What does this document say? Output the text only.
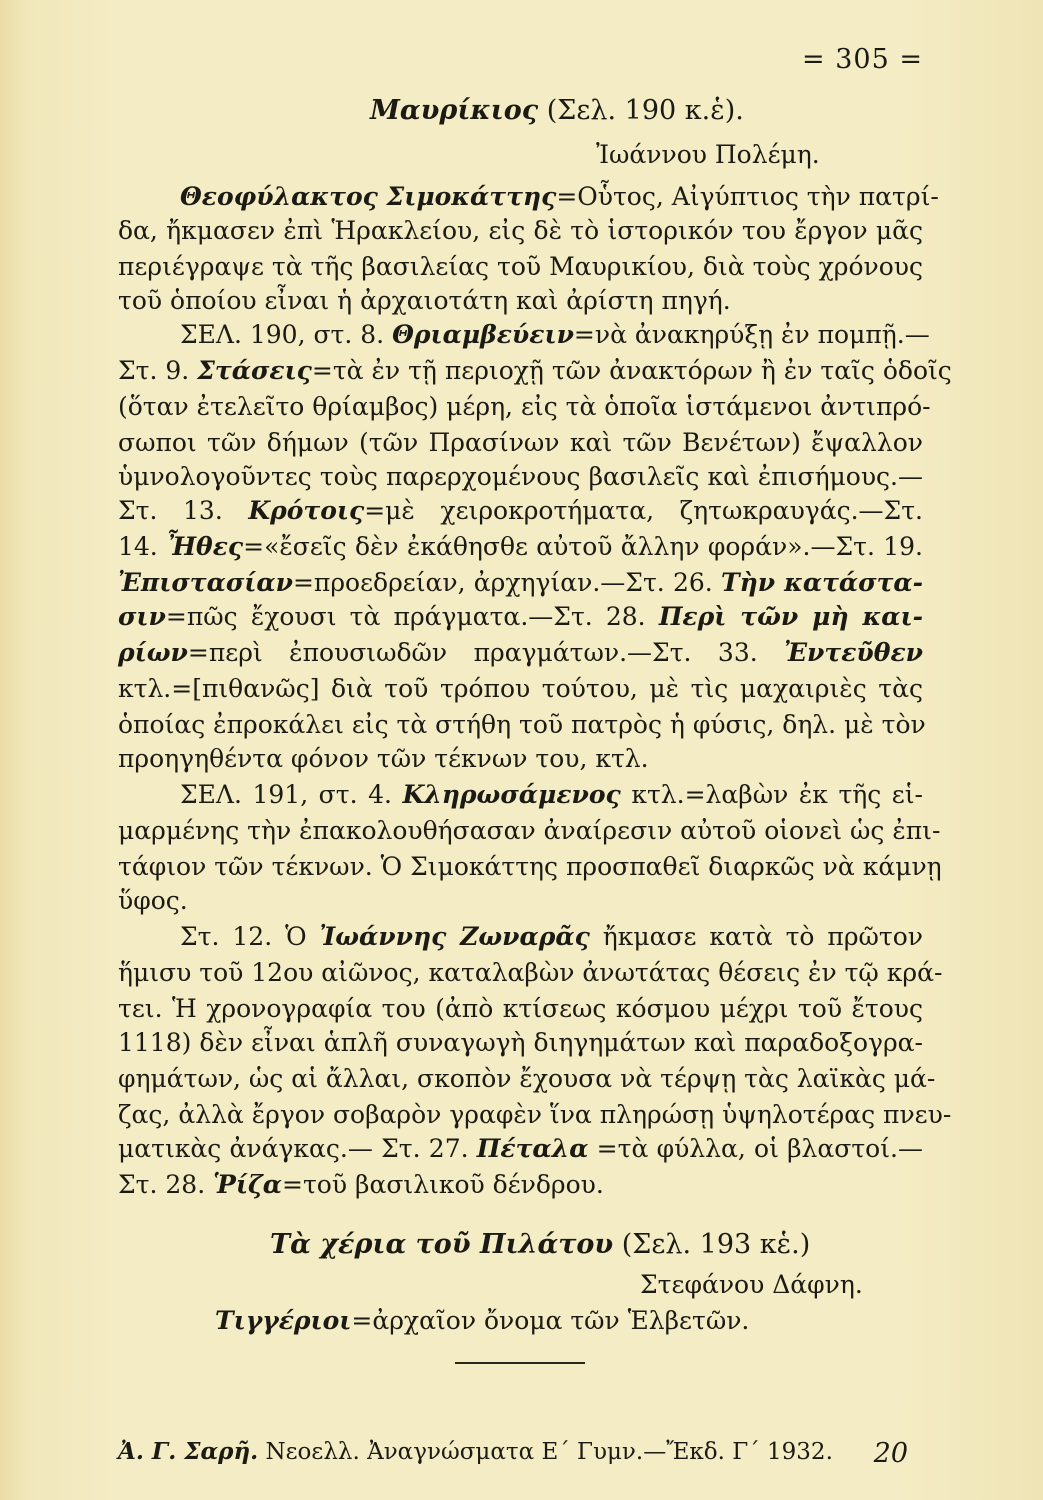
= 305 =
Μαυρίκιος (Σελ. 190 κ.ἑ).
Ἰωάννου Πολέμη.
Θεοφύλακτος Σιμοκάττης=Οὗτος, Αἰγύπτιος τὴν πατρί-
δα, ἤκμασεν ἐπὶ Ἡρακλείου, εἰς δὲ τὸ ἱστορικόν του ἔργον μᾶς
περιέγραψε τὰ τῆς βασιλείας τοῦ Μαυρικίου, διὰ τοὺς χρόνους
τοῦ ὁποίου εἶναι ἡ ἀρχαιοτάτη καὶ ἀρίστη πηγή.
ΣΕΛ. 190, στ. 8. Θριαμβεύειν=νὰ ἀνακηρύξῃ ἐν πομπῇ.—
Στ. 9. Στάσεις=τὰ ἐν τῇ περιοχῇ τῶν ἀνακτόρων ἢ ἐν ταῖς ὁδοῖς
(ὅταν ἐτελεῖτο θρίαμβος) μέρη, εἰς τὰ ὁποῖα ἱστάμενοι ἀντιπρό-
σωποι τῶν δήμων (τῶν Πρασίνων καὶ τῶν Βενέτων) ἔψαλλον
ὑμνολογοῦντες τοὺς παρερχομένους βασιλεῖς καὶ ἐπισήμους.—
Στ. 13. Κρότοις=μὲ χειροκροτήματα, ζητωκραυγάς.—Στ.
14. Ἦθες=«ἔσεῖς δὲν ἐκάθησθε αὐτοῦ ἄλλην φοράν».—Στ. 19.
Ἐπιστασίαν=προεδρείαν, ἀρχηγίαν.—Στ. 26. Τὴν κατάστα-
σιν=πῶς ἔχουσι τὰ πράγματα.—Στ. 28. Περὶ τῶν μὴ και-
ρίων=περὶ ἐπουσιωδῶν πραγμάτων.—Στ. 33. Ἐντεῦθεν
κτλ.=[πιθανῶς] διὰ τοῦ τρόπου τούτου, μὲ τὶς μαχαιριὲς τὰς
ὁποίας ἐπροκάλει εἰς τὰ στήθη τοῦ πατρὸς ἡ φύσις, δηλ. μὲ τὸν
προηγηθέντα φόνον τῶν τέκνων του, κτλ.
ΣΕΛ. 191, στ. 4. Κληρωσάμενος κτλ.=λαβὼν ἐκ τῆς εἱ-
μαρμένης τὴν ἐπακολουθήσασαν ἀναίρεσιν αὐτοῦ οἱονεὶ ὡς ἐπι-
τάφιον τῶν τέκνων. Ὁ Σιμοκάττης προσπαθεῖ διαρκῶς νὰ κάμνῃ
ὕφος.
Στ. 12. Ὁ Ἰωάννης Ζωναρᾶς ἤκμασε κατὰ τὸ πρῶτον
ἥμισυ τοῦ 12ου αἰῶνος, καταλαβὼν ἀνωτάτας θέσεις ἐν τῷ κρά-
τει. Ἡ χρονογραφία του (ἀπὸ κτίσεως κόσμου μέχρι τοῦ ἔτους
1118) δὲν εἶναι ἁπλῆ συναγωγὴ διηγημάτων καὶ παραδοξογρα-
φημάτων, ὡς αἱ ἄλλαι, σκοπὸν ἔχουσα νὰ τέρψῃ τὰς λαϊκὰς μά-
ζας, ἀλλὰ ἔργον σοβαρὸν γραφὲν ἵνα πληρώσῃ ὑψηλοτέρας πνευ-
ματικὰς ἀνάγκας.— Στ. 27. Πέταλα =τὰ φύλλα, οἱ βλαστοί.—
Στ. 28. Ῥίζα=τοῦ βασιλικοῦ δένδρου.
Τὰ χέρια τοῦ Πιλάτου (Σελ. 193 κἑ.)
Στεφάνου Δάφνη.
Τιγγέριοι=ἀρχαῖον ὄνομα τῶν Ἑλβετῶν.
Ἀ. Γ. Σαρῆ. Νεοελλ. Ἀναγνώσματα Ε΄ Γυμν.—Ἔκδ. Γ΄ 1932. 20
